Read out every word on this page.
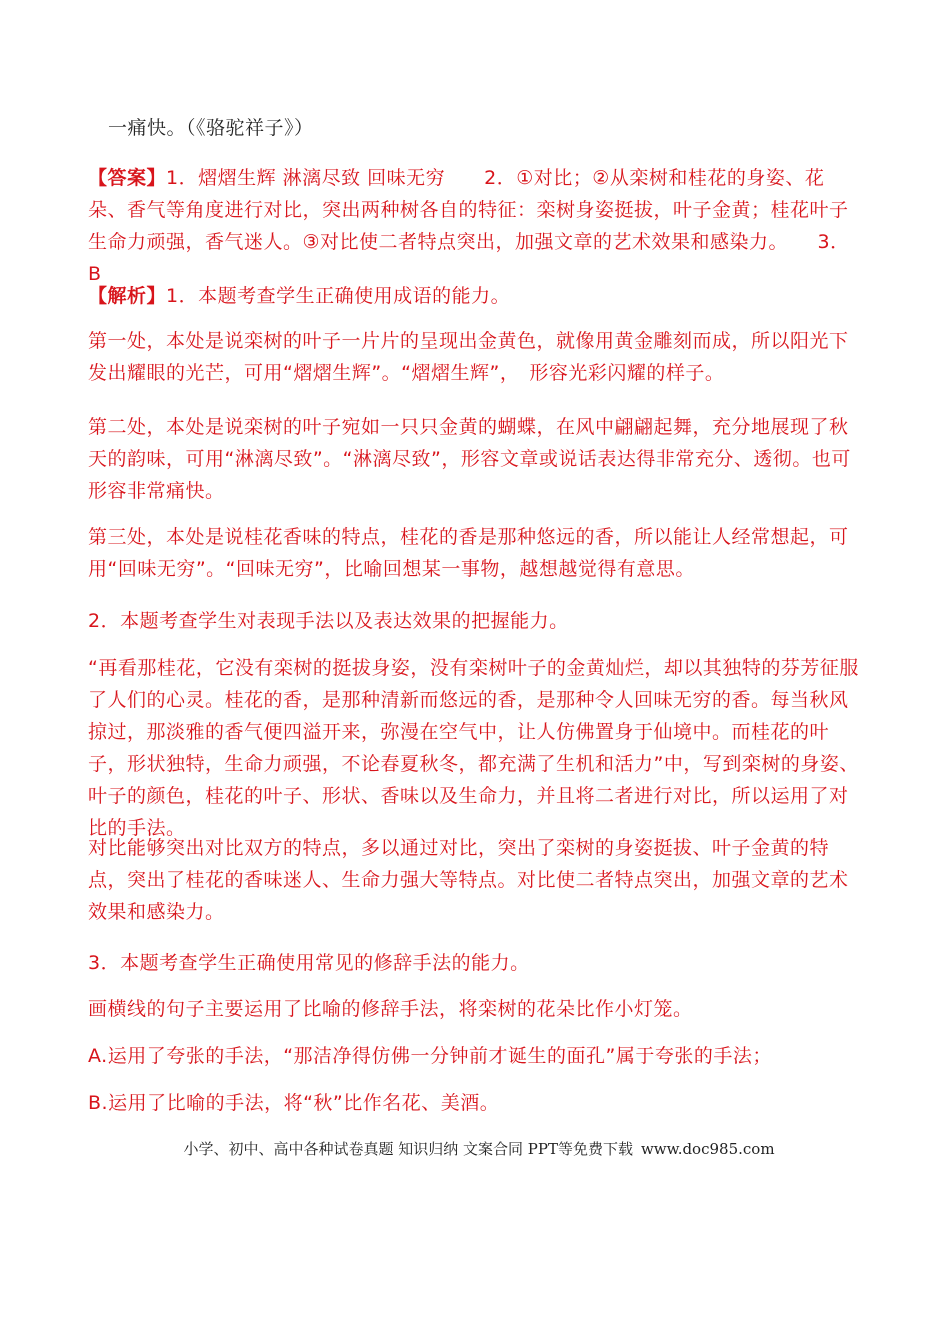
一痛快。（《骆驼祥子》）

【答案】1．熠熠生辉 淋漓尽致 回味无穷　　2．①对比；②从栾树和桂花的身姿、花朵、香气等角度进行对比，突出两种树各自的特征：栾树身姿挺拔，叶子金黄；桂花叶子生命力顽强，香气迷人。③对比使二者特点突出，加强文章的艺术效果和感染力。　　3．B

【解析】1．本题考查学生正确使用成语的能力。

第一处，本处是说栾树的叶子一片片的呈现出金黄色，就像用黄金雕刻而成，所以阳光下发出耀眼的光芒，可用“熠熠生辉”。“熠熠生辉”，　形容光彩闪耀的样子。

第二处，本处是说栾树的叶子宛如一只只金黄的蝴蝶，在风中翩翩起舞，充分地展现了秋天的韵味，可用“淋漓尽致”。“淋漓尽致”，形容文章或说话表达得非常充分、透彻。也可形容非常痛快。

第三处，本处是说桂花香味的特点，桂花的香是那种悠远的香，所以能让人经常想起，可用“回味无穷”。“回味无穷”，比喻回想某一事物，越想越觉得有意思。

2．本题考查学生对表现手法以及表达效果的把握能力。

“再看那桂花，它没有栾树的挺拔身姿，没有栾树叶子的金黄灿烂，却以其独特的芬芳征服了人们的心灵。桂花的香，是那种清新而悠远的香，是那种令人回味无穷的香。每当秋风掠过，那淡雅的香气便四溢开来，弥漫在空气中，让人仿佛置身于仙境中。而桂花的叶子，形状独特，生命力顽强，不论春夏秋冬，都充满了生机和活力”中，写到栾树的身姿、叶子的颜色，桂花的叶子、形状、香味以及生命力，并且将二者进行对比，所以运用了对比的手法。

对比能够突出对比双方的特点，多以通过对比，突出了栾树的身姿挺拔、叶子金黄的特点，突出了桂花的香味迷人、生命力强大等特点。对比使二者特点突出，加强文章的艺术效果和感染力。

3．本题考查学生正确使用常见的修辞手法的能力。

画横线的句子主要运用了比喻的修辞手法，将栾树的花朵比作小灯笼。

A.运用了夸张的手法，“那洁净得仿佛一分钟前才诞生的面孔”属于夸张的手法；

B.运用了比喻的手法，将“秋”比作名花、美酒。

小学、初中、高中各种试卷真题 知识归纳 文案合同 PPT等免费下载 www.doc985.com
